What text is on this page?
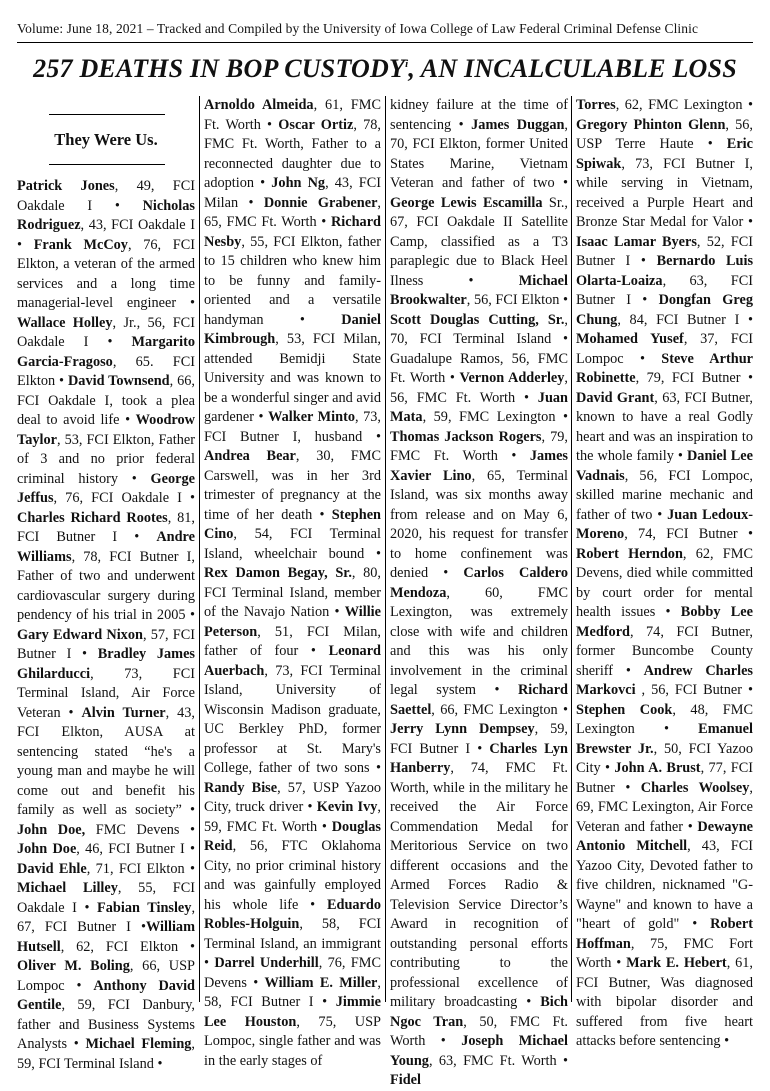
Volume: June 18, 2021 – Tracked and Compiled by the University of Iowa College of Law Federal Criminal Defense Clinic
257 DEATHS IN BOP CUSTODY$^i$, AN INCALCULABLE LOSS
They Were Us.

Patrick Jones, 49, FCI Oakdale I • Nicholas Rodriguez, 43, FCI Oakdale I • Frank McCoy, 76, FCI Elkton, a veteran of the armed services and a long time managerial-level engineer • Wallace Holley, Jr., 56, FCI Oakdale I • Margarito Garcia-Fragoso, 65. FCI Elkton • David Townsend, 66, FCI Oakdale I, took a plea deal to avoid life • Woodrow Taylor, 53, FCI Elkton, Father of 3 and no prior federal criminal history • George Jeffus, 76, FCI Oakdale I • Charles Richard Rootes, 81, FCI Butner I • Andre Williams, 78, FCI Butner I, Father of two and underwent cardiovascular surgery during pendency of his trial in 2005 • Gary Edward Nixon, 57, FCI Butner I • Bradley James Ghilarducci, 73, FCI Terminal Island, Air Force Veteran • Alvin Turner, 43, FCI Elkton, AUSA at sentencing stated “he's a young man and maybe he will come out and benefit his family as well as society” • John Doe, FMC Devens • John Doe, 46, FCI Butner I • David Ehle, 71, FCI Elkton • Michael Lilley, 55, FCI Oakdale I • Fabian Tinsley, 67, FCI Butner I •William Hutsell, 62, FCI Elkton • Oliver M. Boling, 66, USP Lompoc • Anthony David Gentile, 59, FCI Danbury, father and Business Systems Analysts • Michael Fleming, 59, FCI Terminal Island •

Arnoldo Almeida, 61, FMC Ft. Worth • Oscar Ortiz, 78, FMC Ft. Worth, Father to a reconnected daughter due to adoption • John Ng, 43, FCI Milan • Donnie Grabener, 65, FMC Ft. Worth • Richard Nesby, 55, FCI Elkton, father to 15 children who knew him to be funny and family-oriented and a versatile handyman • Daniel Kimbrough, 53, FCI Milan, attended Bemidji State University and was known to be a wonderful singer and avid gardener • Walker Minto, 73, FCI Butner I, husband • Andrea Bear, 30, FMC Carswell, was in her 3rd trimester of pregnancy at the time of her death • Stephen Cino, 54, FCI Terminal Island, wheelchair bound • Rex Damon Begay, Sr., 80, FCI Terminal Island, member of the Navajo Nation • Willie Peterson, 51, FCI Milan, father of four • Leonard Auerbach, 73, FCI Terminal Island, University of Wisconsin Madison graduate, UC Berkley PhD, former professor at St. Mary's College, father of two sons • Randy Bise, 57, USP Yazoo City, truck driver • Kevin Ivy, 59, FMC Ft. Worth • Douglas Reid, 56, FTC Oklahoma City, no prior criminal history and was gainfully employed his whole life • Eduardo Robles-Holguin, 58, FCI Terminal Island, an immigrant • Darrel Underhill, 76, FMC Devens • William E. Miller, 58, FCI Butner I • Jimmie Lee Houston, 75, USP Lompoc, single father and was in the early stages of

kidney failure at the time of sentencing • James Duggan, 70, FCI Elkton, former United States Marine, Vietnam Veteran and father of two • George Lewis Escamilla Sr., 67, FCI Oakdale II Satellite Camp, classified as a T3 paraplegic due to Black Heel Ilness • Michael Brookwalter, 56, FCI Elkton • Scott Douglas Cutting, Sr., 70, FCI Terminal Island • Guadalupe Ramos, 56, FMC Ft. Worth • Vernon Adderley, 56, FMC Ft. Worth • Juan Mata, 59, FMC Lexington • Thomas Jackson Rogers, 79, FMC Ft. Worth • James Xavier Lino, 65, Terminal Island, was six months away from release and on May 6, 2020, his request for transfer to home confinement was denied • Carlos Caldero Mendoza, 60, FMC Lexington, was extremely close with wife and children and this was his only involvement in the criminal legal system • Richard Saettel, 66, FMC Lexington • Jerry Lynn Dempsey, 59, FCI Butner I • Charles Lyn Hanberry, 74, FMC Ft. Worth, while in the military he received the Air Force Commendation Medal for Meritorious Service on two different occasions and the Armed Forces Radio & Television Service Director’s Award in recognition of outstanding personal efforts contributing to the professional excellence of military broadcasting • Bich Ngoc Tran, 50, FMC Ft. Worth • Joseph Michael Young, 63, FMC Ft. Worth • Fidel

Torres, 62, FMC Lexington • Gregory Phinton Glenn, 56, USP Terre Haute • Eric Spiwak, 73, FCI Butner I, while serving in Vietnam, received a Purple Heart and Bronze Star Medal for Valor • Isaac Lamar Byers, 52, FCI Butner I • Bernardo Luis Olarta-Loaiza, 63, FCI Butner I • Dongfan Greg Chung, 84, FCI Butner I • Mohamed Yusef, 37, FCI Lompoc • Steve Arthur Robinette, 79, FCI Butner • David Grant, 63, FCI Butner, known to have a real Godly heart and was an inspiration to the whole family • Daniel Lee Vadnais, 56, FCI Lompoc, skilled marine mechanic and father of two • Juan Ledoux-Moreno, 74, FCI Butner • Robert Herndon, 62, FMC Devens, died while committed by court order for mental health issues • Bobby Lee Medford, 74, FCI Butner, former Buncombe County sheriff • Andrew Charles Markovci , 56, FCI Butner • Stephen Cook, 48, FMC Lexington • Emanuel Brewster Jr., 50, FCI Yazoo City • John A. Brust, 77, FCI Butner • Charles Woolsey, 69, FMC Lexington, Air Force Veteran and father • Dewayne Antonio Mitchell, 43, FCI Yazoo City, Devoted father to five children, nicknamed "G-Wayne" and known to have a "heart of gold" • Robert Hoffman, 75, FMC Fort Worth • Mark E. Hebert, 61, FCI Butner, Was diagnosed with bipolar disorder and suffered from five heart attacks before sentencing •
